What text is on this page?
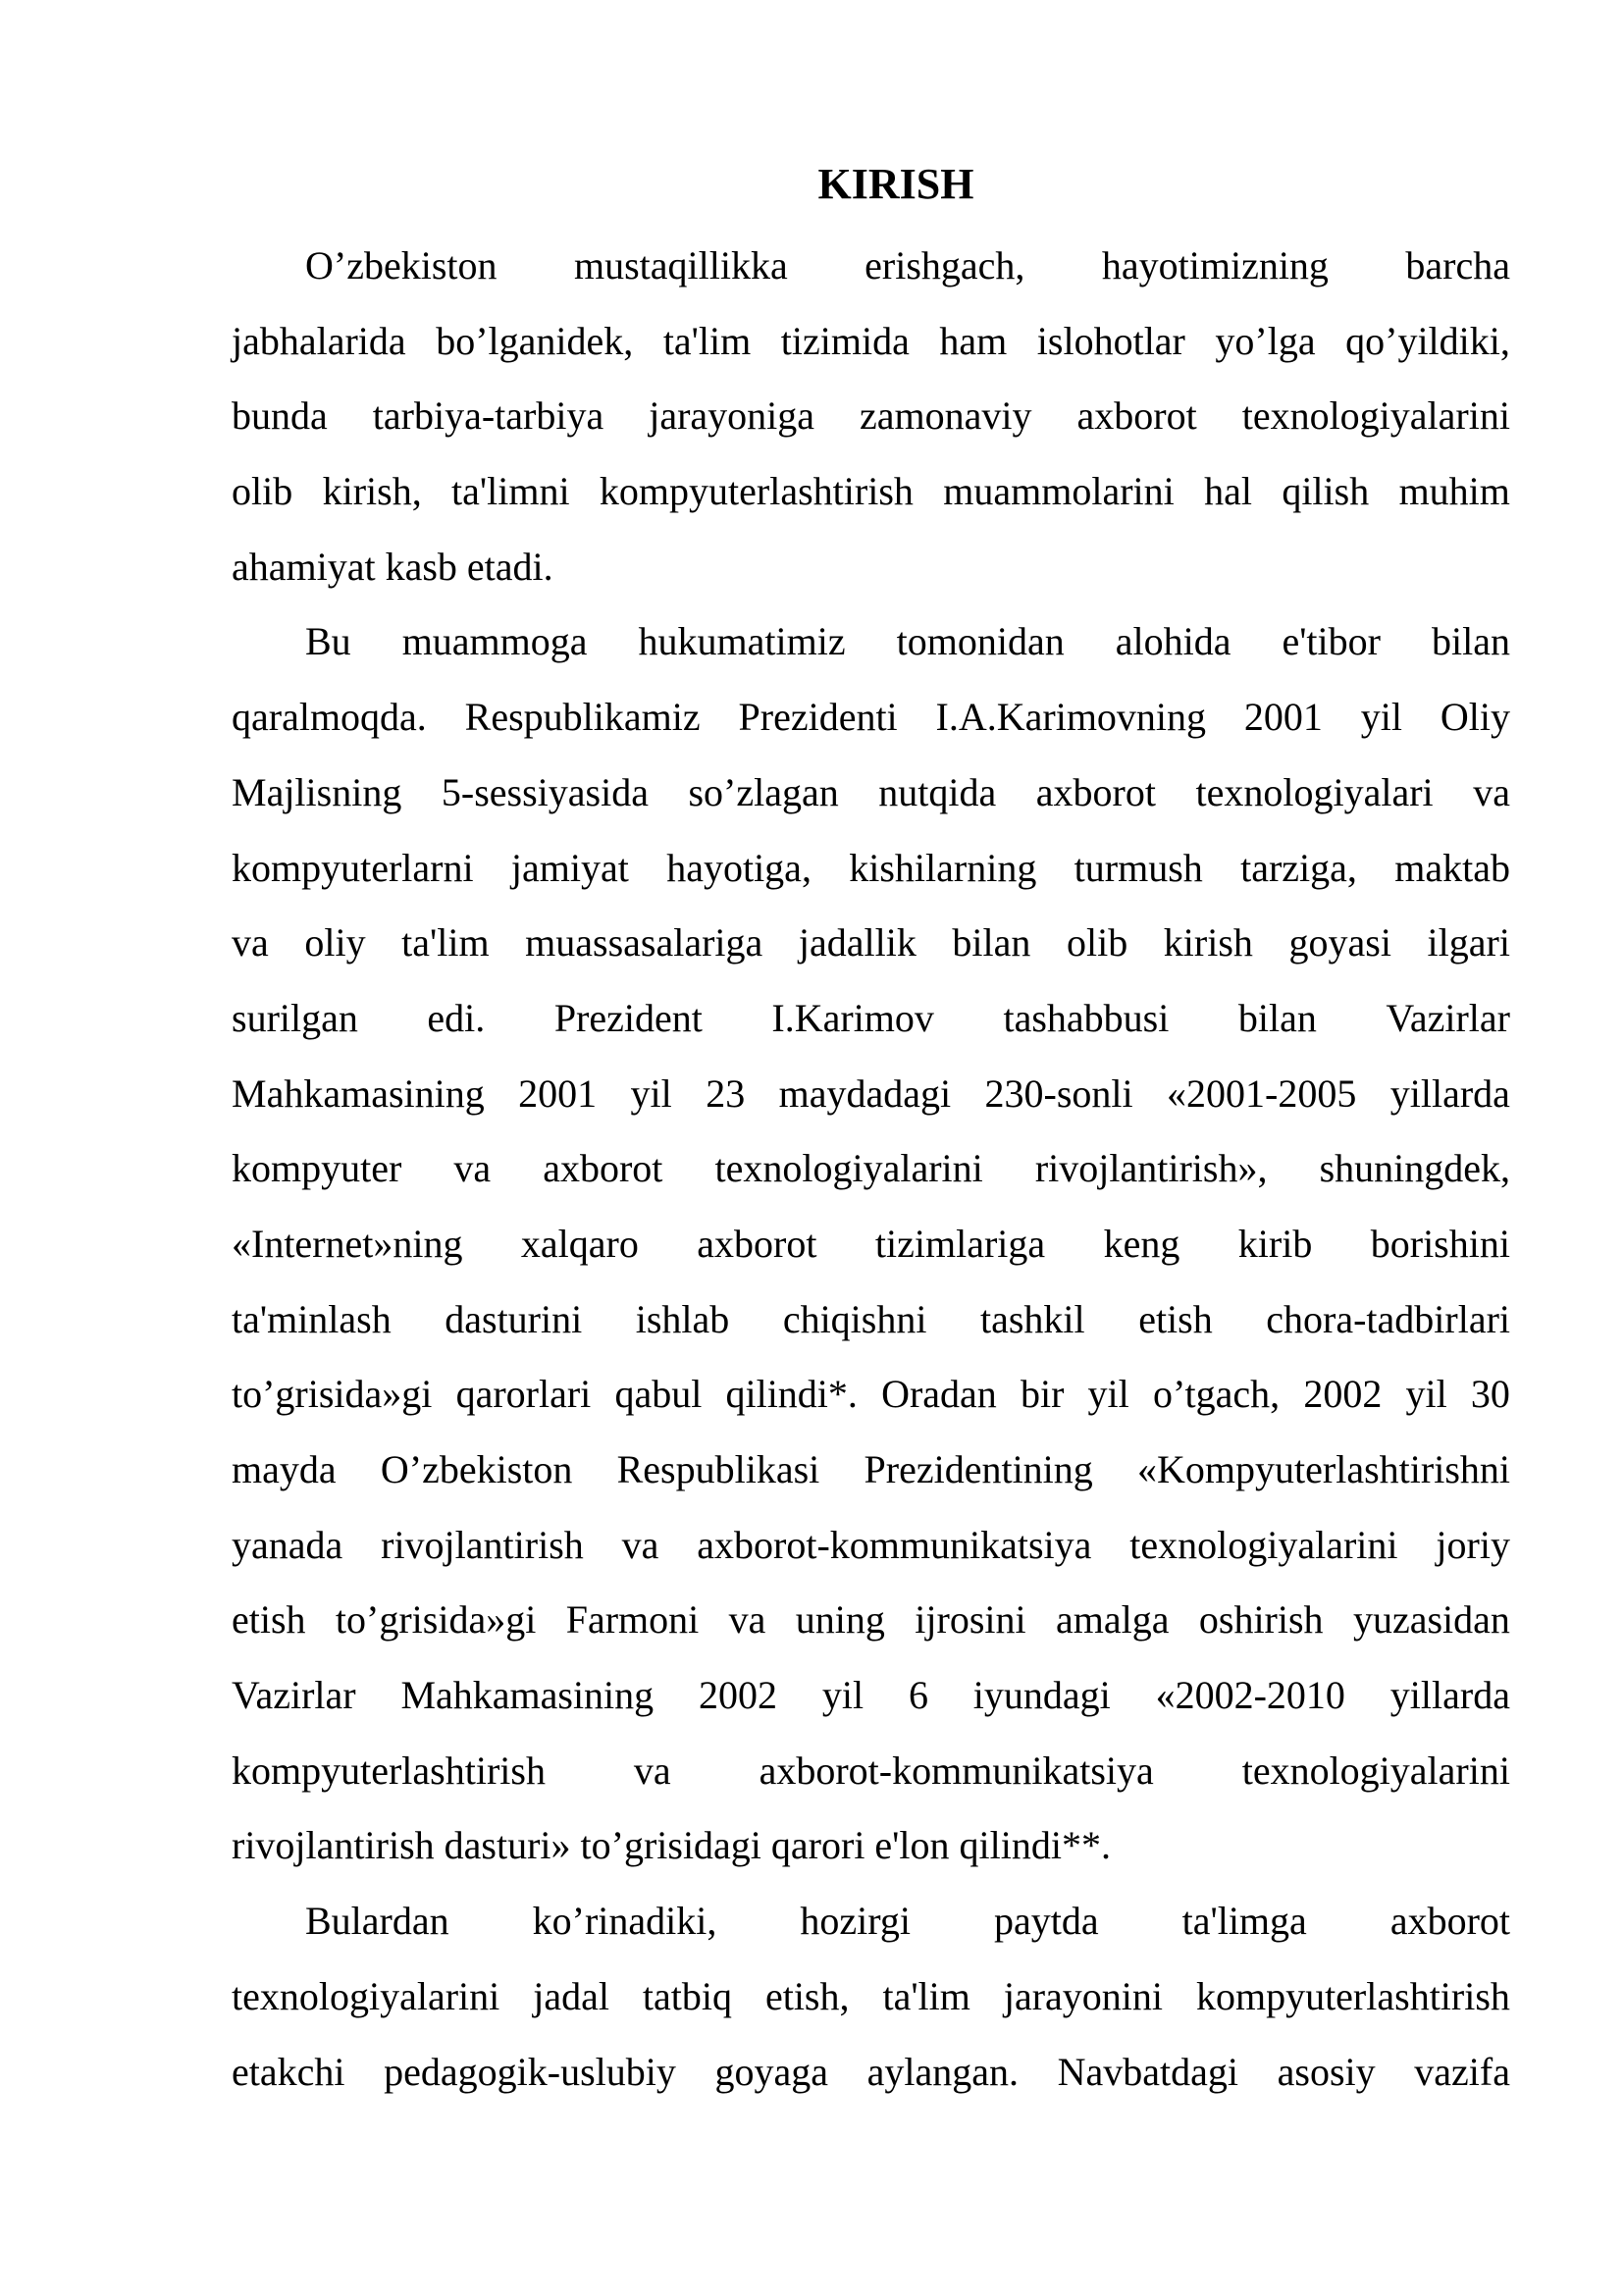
KIRISH
O’zbekiston mustaqillikka erishgach, hayotimizning barcha
jabhalarida bo’lganidek, ta'lim tizimida ham islohotlar yo’lga qo’yildiki,
bunda tarbiya-tarbiya jarayoniga zamonaviy axborot texnologiyalarini
olib kirish, ta'limni kompyuterlashtirish muammolarini hal qilish muhim
ahamiyat kasb etadi.
Bu muammoga hukumatimiz tomonidan alohida e'tibor bilan
qaralmoqda. Respublikamiz Prezidenti I.A.Karimovning 2001 yil Oliy
Majlisning 5-sessiyasida so’zlagan nutqida axborot texnologiyalari va
kompyuterlarni jamiyat hayotiga, kishilarning turmush tarziga, maktab
va oliy ta'lim muassasalariga jadallik bilan olib kirish goyasi ilgari
surilgan edi. Prezident I.Karimov tashabbusi bilan Vazirlar
Mahkamasining 2001 yil 23 maydadagi 230-sonli «2001-2005 yillarda
kompyuter va axborot texnologiyalarini rivojlantirish», shuningdek,
«Internet»ning xalqaro axborot tizimlariga keng kirib borishini
ta'minlash dasturini ishlab chiqishni tashkil etish chora-tadbirlari
to’grisida»gi qarorlari qabul qilindi*. Oradan bir yil o’tgach, 2002 yil 30
mayda O’zbekiston Respublikasi Prezidentining «Kompyuterlashtirishni
yanada rivojlantirish va axborot-kommunikatsiya texnologiyalarini joriy
etish to’grisida»gi Farmoni va uning ijrosini amalga oshirish yuzasidan
Vazirlar Mahkamasining 2002 yil 6 iyundagi «2002-2010 yillarda
kompyuterlashtirish va axborot-kommunikatsiya texnologiyalarini
rivojlantirish dasturi» to’grisidagi qarori e'lon qilindi**.
Bulardan ko’rinadiki, hozirgi paytda ta'limga axborot
texnologiyalarini jadal tatbiq etish, ta'lim jarayonini kompyuterlashtirish
etakchi pedagogik-uslubiy goyaga aylangan. Navbatdagi asosiy vazifa
